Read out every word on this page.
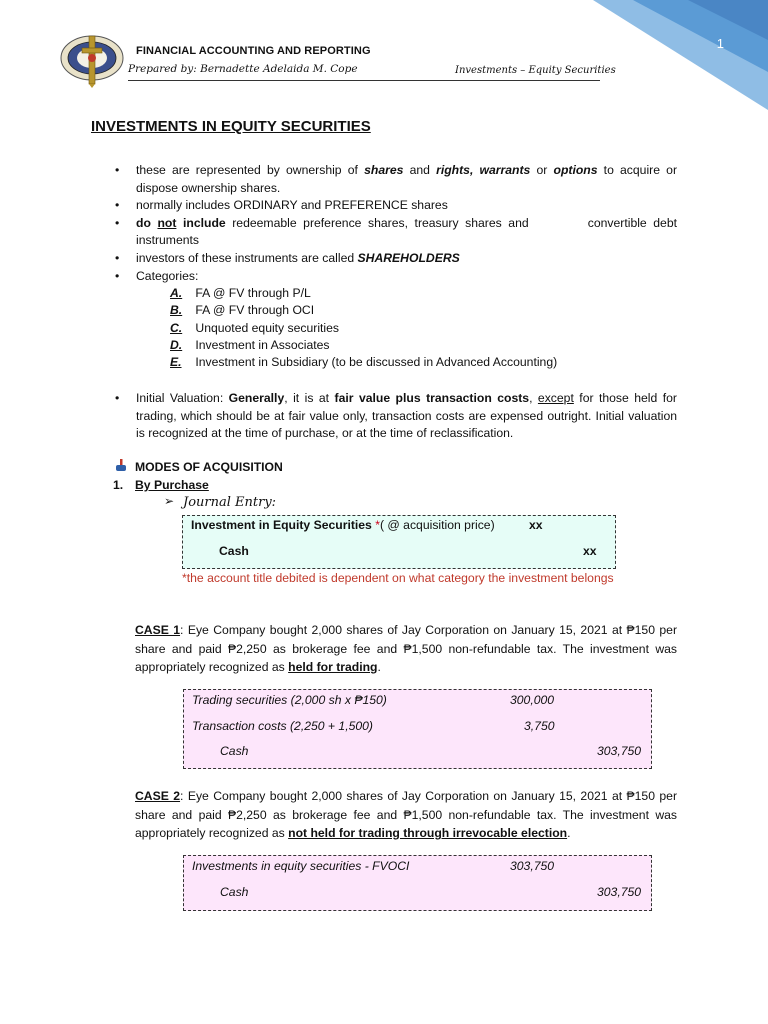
1
FINANCIAL ACCOUNTING AND REPORTING
Prepared by: Bernadette Adelaida M. Cope	Investments – Equity Securities
INVESTMENTS IN EQUITY SECURITIES
• these are represented by ownership of shares and rights, warrants or options to acquire or dispose ownership shares.
• normally includes ORDINARY and PREFERENCE shares
• do not include redeemable preference shares, treasury shares and         convertible debt instruments
• investors of these instruments are called SHAREHOLDERS
• Categories:
A. FA @ FV through P/L
B. FA @ FV through OCI
C. Unquoted equity securities
D. Investment in Associates
E. Investment in Subsidiary (to be discussed in Advanced Accounting)
• Initial Valuation: Generally, it is at fair value plus transaction costs, except for those held for trading, which should be at fair value only, transaction costs are expensed outright. Initial valuation is recognized at the time of purchase, or at the time of reclassification.
MODES OF ACQUISITION
1. By Purchase
➢ Journal Entry:
Investment in Equity Securities *( @ acquisition price)	xx
Cash	xx
*the account title debited is dependent on what category the investment belongs
CASE 1: Eye Company bought 2,000 shares of Jay Corporation on January 15, 2021 at ₱150 per share and paid ₱2,250 as brokerage fee and ₱1,500 non-refundable tax. The investment was appropriately recognized as held for trading.
Trading securities (2,000 sh x ₱150)	300,000
Transaction costs (2,250 + 1,500)	3,750
Cash	303,750
CASE 2: Eye Company bought 2,000 shares of Jay Corporation on January 15, 2021 at ₱150 per share and paid ₱2,250 as brokerage fee and ₱1,500 non-refundable tax. The investment was appropriately recognized as not held for trading through irrevocable election.
Investments in equity securities - FVOCI	303,750
Cash	303,750
